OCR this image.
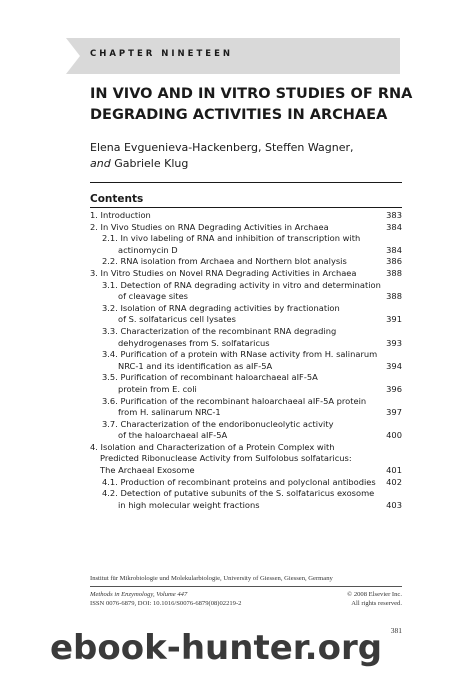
CHAPTER NINETEEN
IN VIVO AND IN VITRO STUDIES OF RNA
DEGRADING ACTIVITIES IN ARCHAEA
Elena Evguenieva-Hackenberg, Steffen Wagner,
and Gabriele Klug
Contents
1. Introduction	383
2. In Vivo Studies on RNA Degrading Activities in Archaea	384
2.1. In vivo labeling of RNA and inhibition of transcription with
actinomycin D	384
2.2. RNA isolation from Archaea and Northern blot analysis	386
3. In Vitro Studies on Novel RNA Degrading Activities in Archaea	388
3.1. Detection of RNA degrading activity in vitro and determination
of cleavage sites	388
3.2. Isolation of RNA degrading activities by fractionation
of S. solfataricus cell lysates	391
3.3. Characterization of the recombinant RNA degrading
dehydrogenases from S. solfataricus	393
3.4. Purification of a protein with RNase activity from H. salinarum
NRC-1 and its identification as aIF-5A	394
3.5. Purification of recombinant haloarchaeal aIF-5A
protein from E. coli	396
3.6. Purification of the recombinant haloarchaeal aIF-5A protein
from H. salinarum NRC-1	397
3.7. Characterization of the endoribonucleolytic activity
of the haloarchaeal aIF-5A	400
4. Isolation and Characterization of a Protein Complex with
Predicted Ribonuclease Activity from Sulfolobus solfataricus:
The Archaeal Exosome	401
4.1. Production of recombinant proteins and polyclonal antibodies 402
4.2. Detection of putative subunits of the S. solfataricus exosome
in high molecular weight fractions	403
Institut für Mikrobiologie und Molekularbiologie, University of Giessen, Giessen, Germany
Methods in Enzymology, Volume 447	© 2008 Elsevier Inc.
ISSN 0076-6879, DOI: 10.1016/S0076-6879(08)02219-2	All rights reserved.
381
ebook-hunter.org
